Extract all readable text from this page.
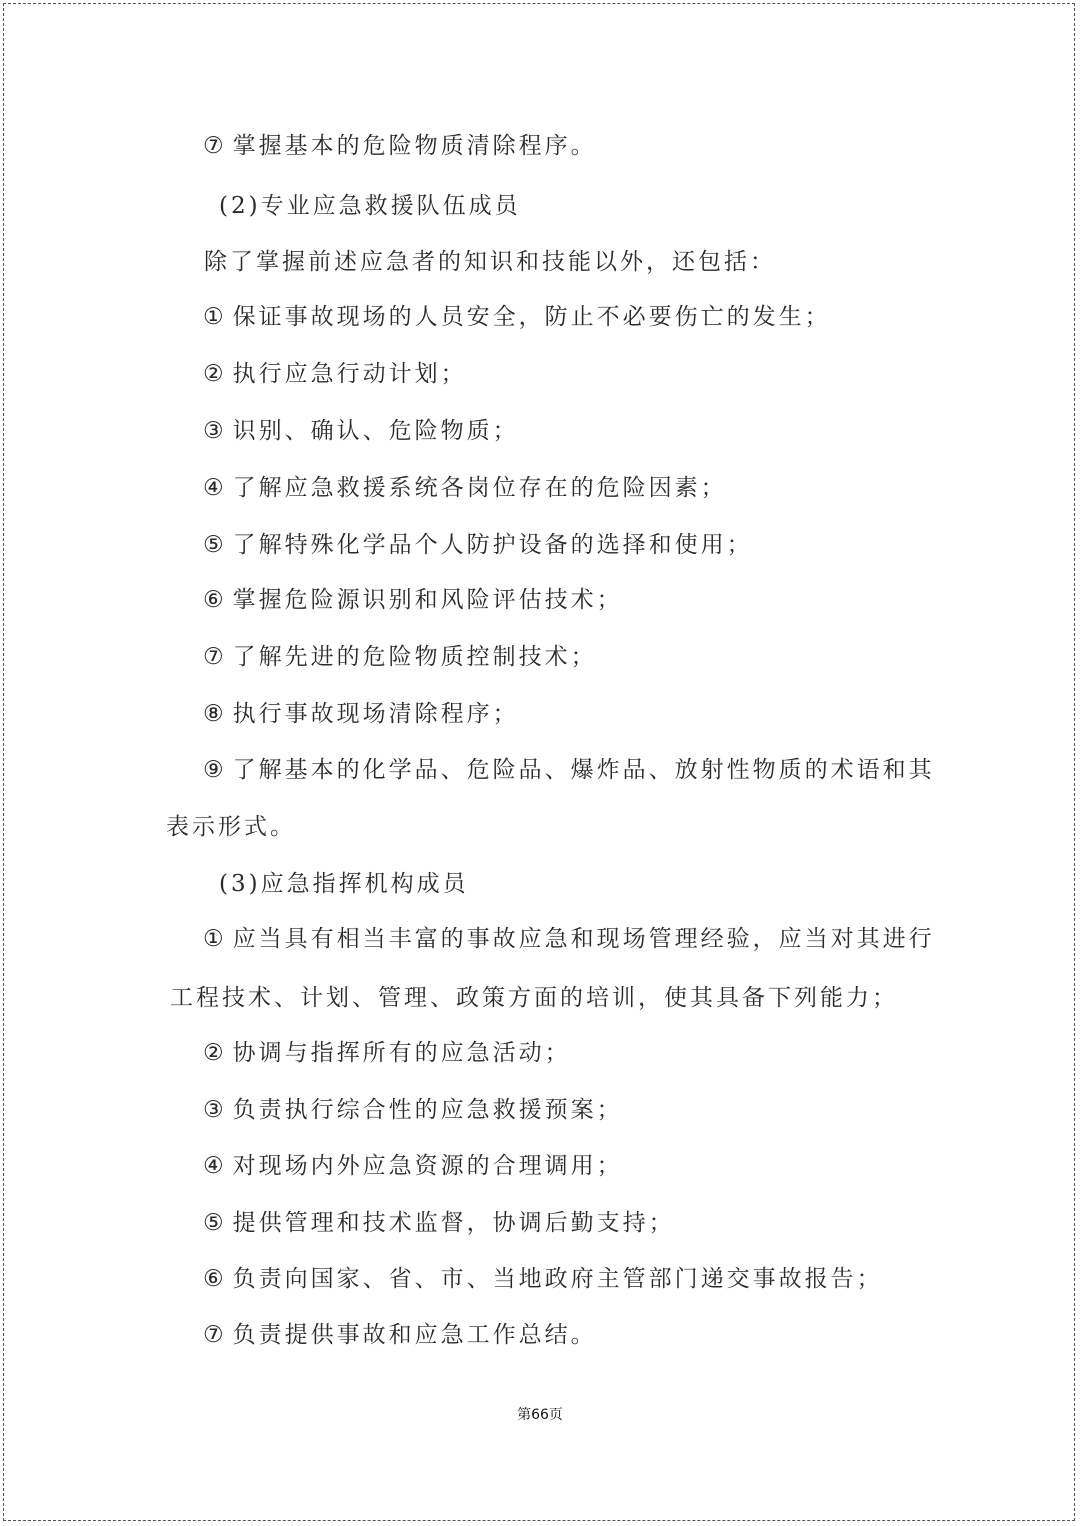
⑦ 掌握基本的危险物质清除程序。
(2)专业应急救援队伍成员
除了掌握前述应急者的知识和技能以外，还包括：
① 保证事故现场的人员安全，防止不必要伤亡的发生；
② 执行应急行动计划；
③ 识别、确认、危险物质；
④ 了解应急救援系统各岗位存在的危险因素；
⑤ 了解特殊化学品个人防护设备的选择和使用；
⑥ 掌握危险源识别和风险评估技术；
⑦ 了解先进的危险物质控制技术；
⑧ 执行事故现场清除程序；
⑨ 了解基本的化学品、危险品、爆炸品、放射性物质的术语和其
表示形式。
(3)应急指挥机构成员
① 应当具有相当丰富的事故应急和现场管理经验，应当对其进行
工程技术、计划、管理、政策方面的培训，使其具备下列能力；
② 协调与指挥所有的应急活动；
③ 负责执行综合性的应急救援预案；
④ 对现场内外应急资源的合理调用；
⑤ 提供管理和技术监督，协调后勤支持；
⑥ 负责向国家、省、市、当地政府主管部门递交事故报告；
⑦ 负责提供事故和应急工作总结。
第66页
